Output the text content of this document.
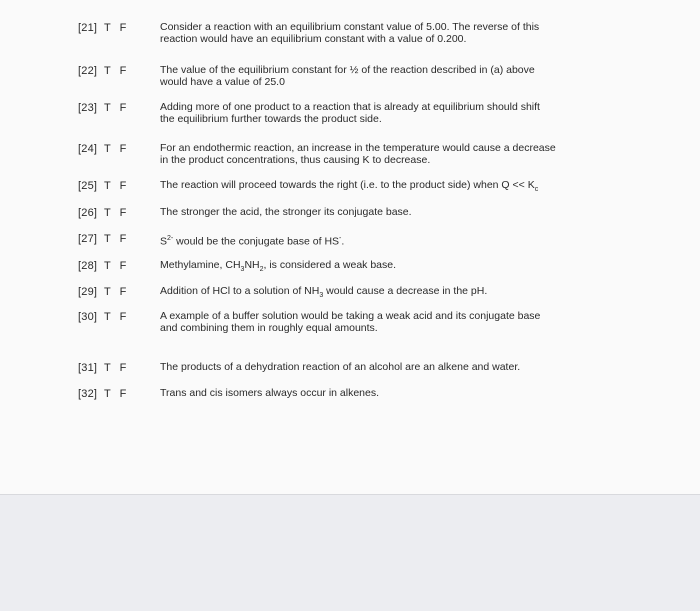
[21] T F	Consider a reaction with an equilibrium constant value of 5.00. The reverse of this
reaction would have an equilibrium constant with a value of 0.200.
[22] T F	The value of the equilibrium constant for ½ of the reaction described in (a) above
would have a value of 25.0
[23] T F	Adding more of one product to a reaction that is already at equilibrium should shift
the equilibrium further towards the product side.
[24] T F	For an endothermic reaction, an increase in the temperature would cause a decrease
in the product concentrations, thus causing K to decrease.
[25] T F	The reaction will proceed towards the right (i.e. to the product side) when $Q << K_c$
[26] T F	The stronger the acid, the stronger its conjugate base.
[27] T F	$S^{2-}$ would be the conjugate base of HS-.
[28] T F	Methylamine, $CH_3NH_2$, is considered a weak base.
[29] T F	Addition of HCl to a solution of $NH_3$ would cause a decrease in the pH.
[30] T F	A example of a buffer solution would be taking a weak acid and its conjugate base
and combining them in roughly equal amounts.
[31] T F	The products of a dehydration reaction of an alcohol are an alkene and water.
[32] T F	Trans and cis isomers always occur in alkenes.
